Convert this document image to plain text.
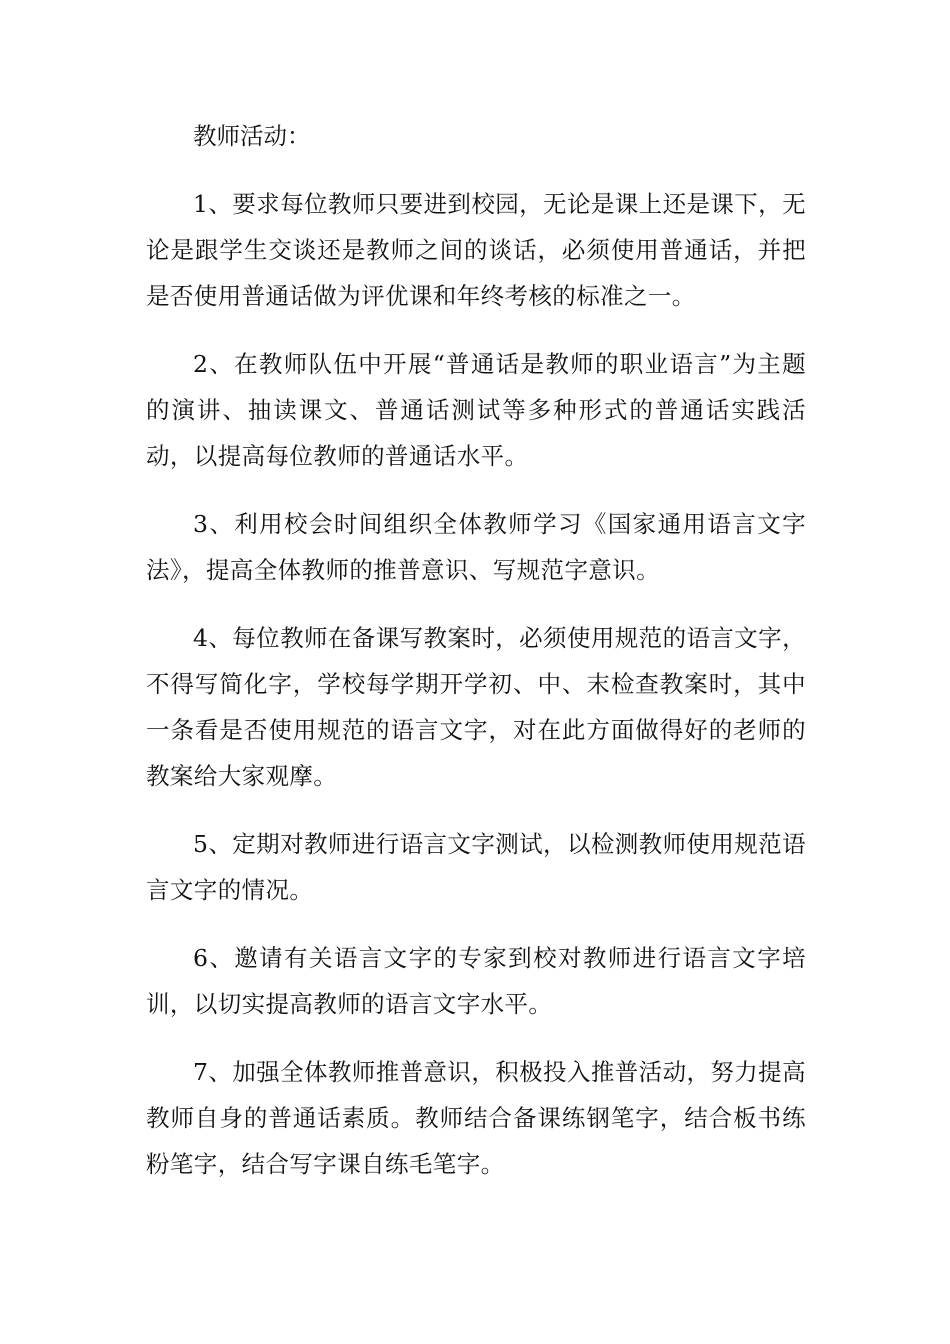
教师活动：

1、要求每位教师只要进到校园，无论是课上还是课下，无论是跟学生交谈还是教师之间的谈话，必须使用普通话，并把是否使用普通话做为评优课和年终考核的标准之一。

2、在教师队伍中开展“普通话是教师的职业语言”为主题的演讲、抽读课文、普通话测试等多种形式的普通话实践活动，以提高每位教师的普通话水平。

3、利用校会时间组织全体教师学习《国家通用语言文字法》，提高全体教师的推普意识、写规范字意识。

4、每位教师在备课写教案时，必须使用规范的语言文字，不得写简化字，学校每学期开学初、中、末检查教案时，其中一条看是否使用规范的语言文字，对在此方面做得好的老师的教案给大家观摩。

5、定期对教师进行语言文字测试，以检测教师使用规范语言文字的情况。

6、邀请有关语言文字的专家到校对教师进行语言文字培训，以切实提高教师的语言文字水平。

7、加强全体教师推普意识，积极投入推普活动，努力提高教师自身的普通话素质。教师结合备课练钢笔字，结合板书练粉笔字，结合写字课自练毛笔字。
